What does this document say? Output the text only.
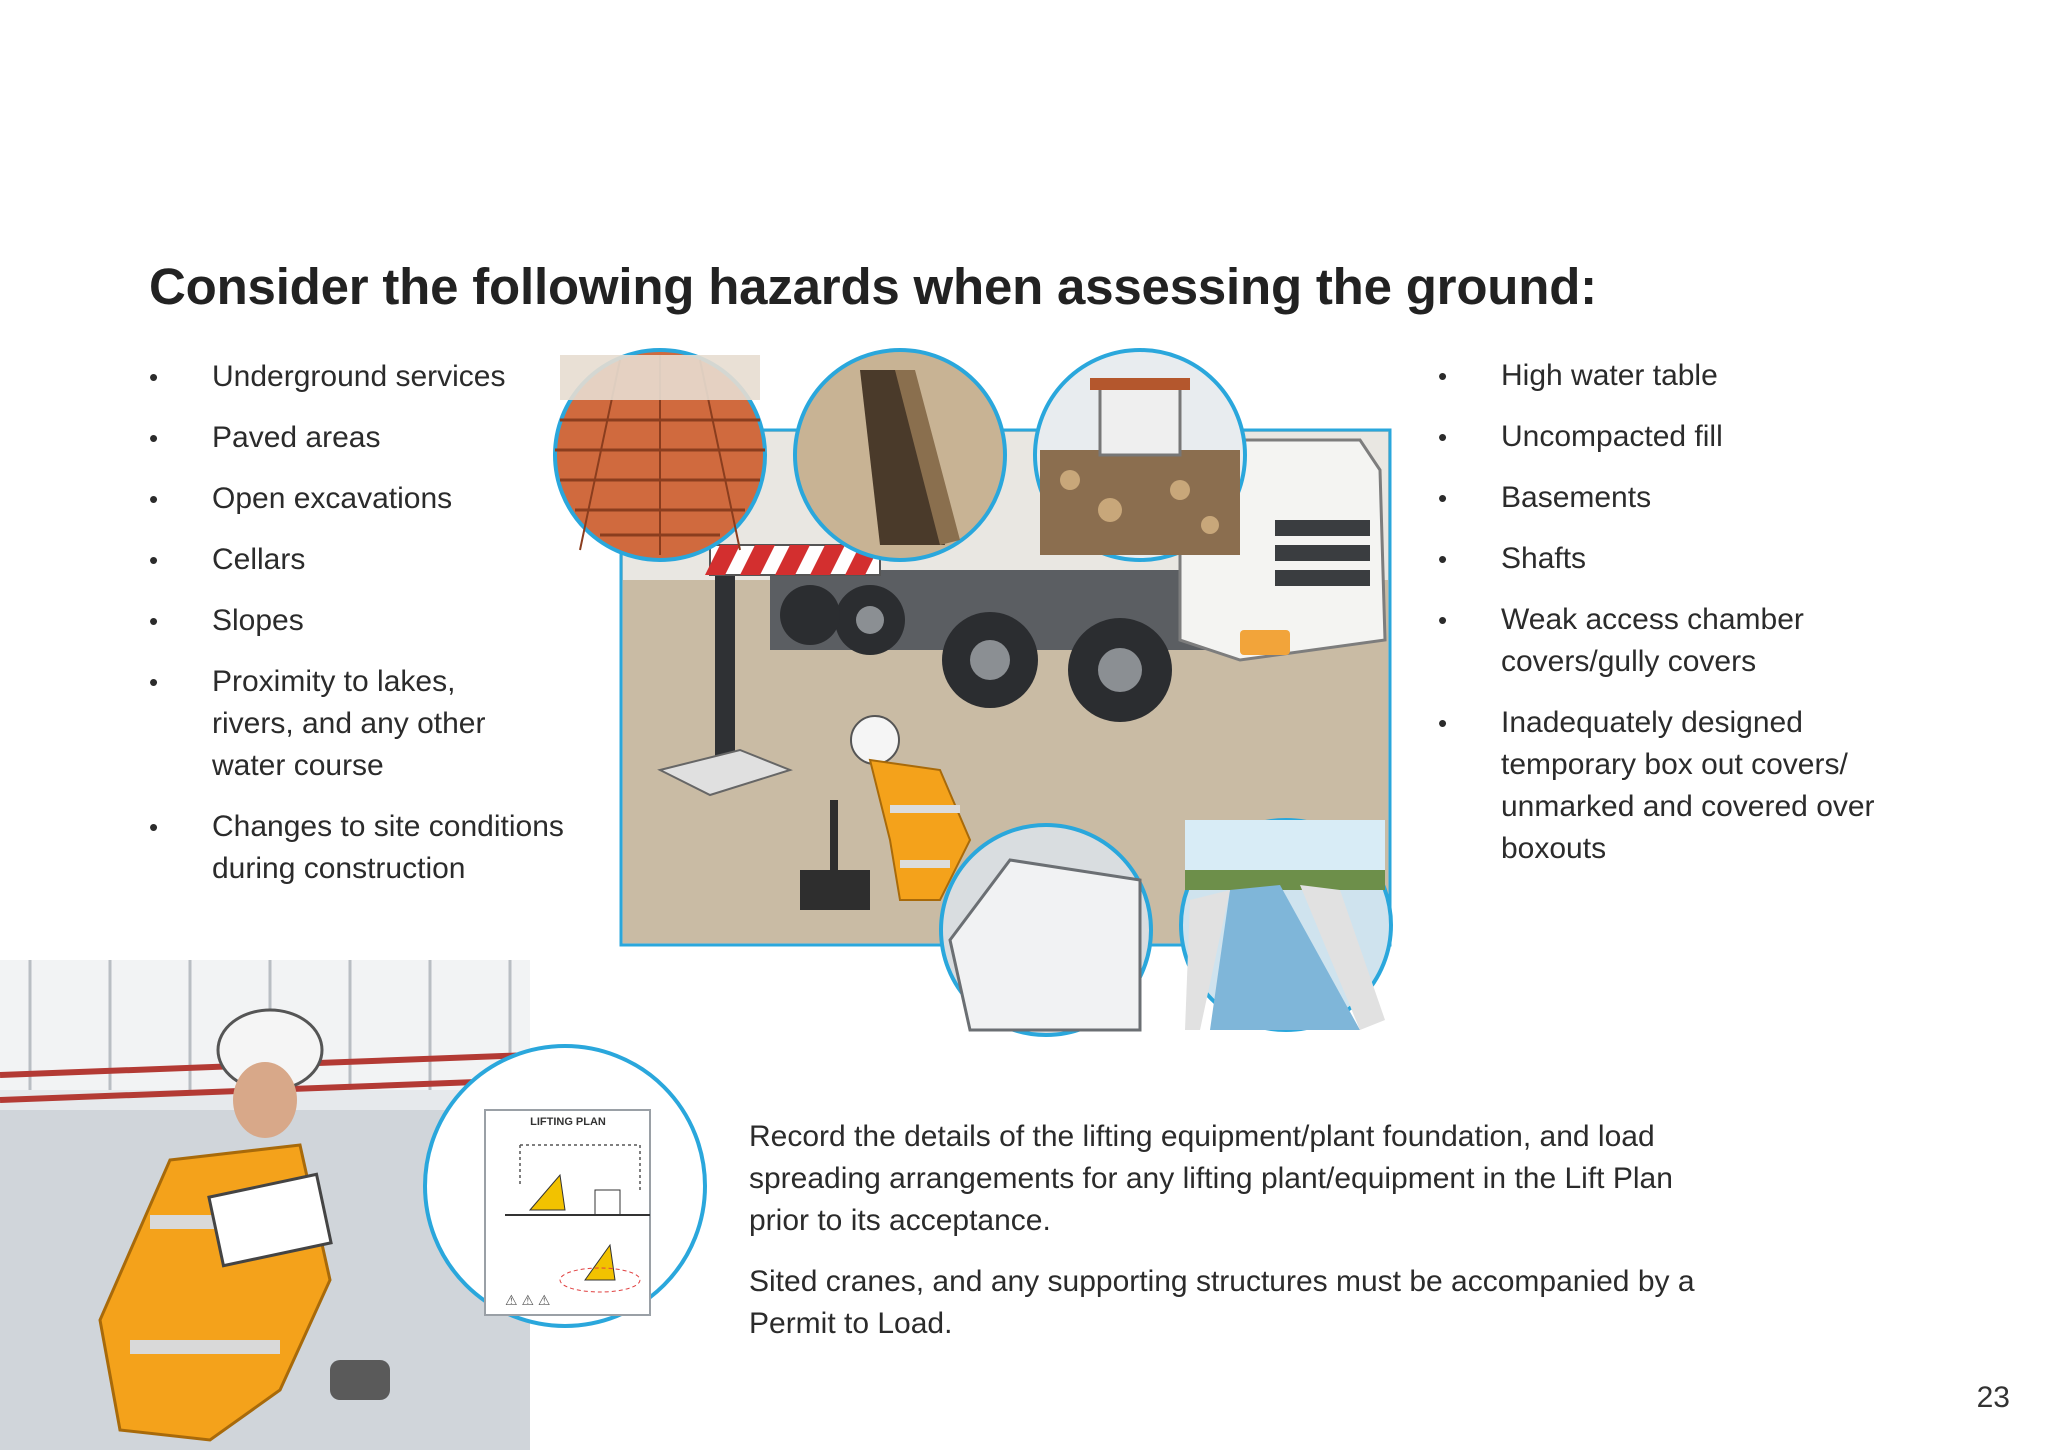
Consider the following hazards when assessing the ground:
• Underground services
• Paved areas
• Open excavations
• Cellars
• Slopes
• Proximity to lakes, rivers, and any other water course
• Changes to site conditions during construction
• High water table
• Uncompacted fill
• Basements
• Shafts
• Weak access chamber covers/gully covers
• Inadequately designed temporary box out covers/ unmarked and covered over boxouts
LIFTING PLAN
⚠ ⚠ ⚠

Record the details of the lifting equipment/plant foundation, and load spreading arrangements for any lifting plant/equipment in the Lift Plan prior to its acceptance.

Sited cranes, and any supporting structures must be accompanied by a Permit to Load.

23
